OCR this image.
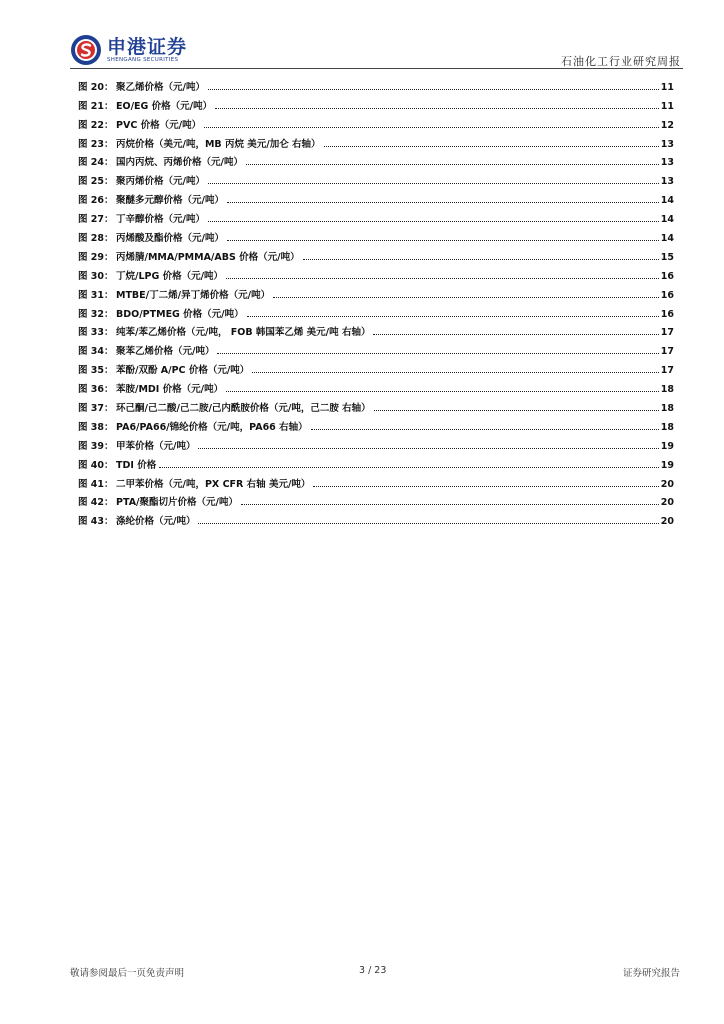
申港证券
SHENGANG SECURITIES	石油化工行业研究周报
图 20： 聚乙烯价格（元/吨）	11
图 21： EO/EG 价格（元/吨）	11
图 22： PVC 价格（元/吨）	12
图 23： 丙烷价格（美元/吨，MB 丙烷 美元/加仑 右轴）	13
图 24： 国内丙烷、丙烯价格（元/吨）	13
图 25： 聚丙烯价格（元/吨）	13
图 26： 聚醚多元醇价格（元/吨）	14
图 27： 丁辛醇价格（元/吨）	14
图 28： 丙烯酸及酯价格（元/吨）	14
图 29： 丙烯腈/MMA/PMMA/ABS 价格（元/吨）	15
图 30： 丁烷/LPG 价格（元/吨）	16
图 31： MTBE/丁二烯/异丁烯价格（元/吨）	16
图 32： BDO/PTMEG 价格（元/吨）	16
图 33： 纯苯/苯乙烯价格（元/吨， FOB 韩国苯乙烯 美元/吨 右轴）	17
图 34： 聚苯乙烯价格（元/吨）	17
图 35： 苯酚/双酚 A/PC 价格（元/吨）	17
图 36： 苯胺/MDI 价格（元/吨）	18
图 37： 环己酮/己二酸/己二胺/己内酰胺价格（元/吨，己二胺 右轴）	18
图 38： PA6/PA66/锦纶价格（元/吨，PA66 右轴）	18
图 39： 甲苯价格（元/吨）	19
图 40： TDI 价格	19
图 41： 二甲苯价格（元/吨，PX CFR 右轴 美元/吨）	20
图 42： PTA/聚酯切片价格（元/吨）	20
图 43： 涤纶价格（元/吨）	20
敬请参阅最后一页免责声明	3 / 23	证券研究报告
